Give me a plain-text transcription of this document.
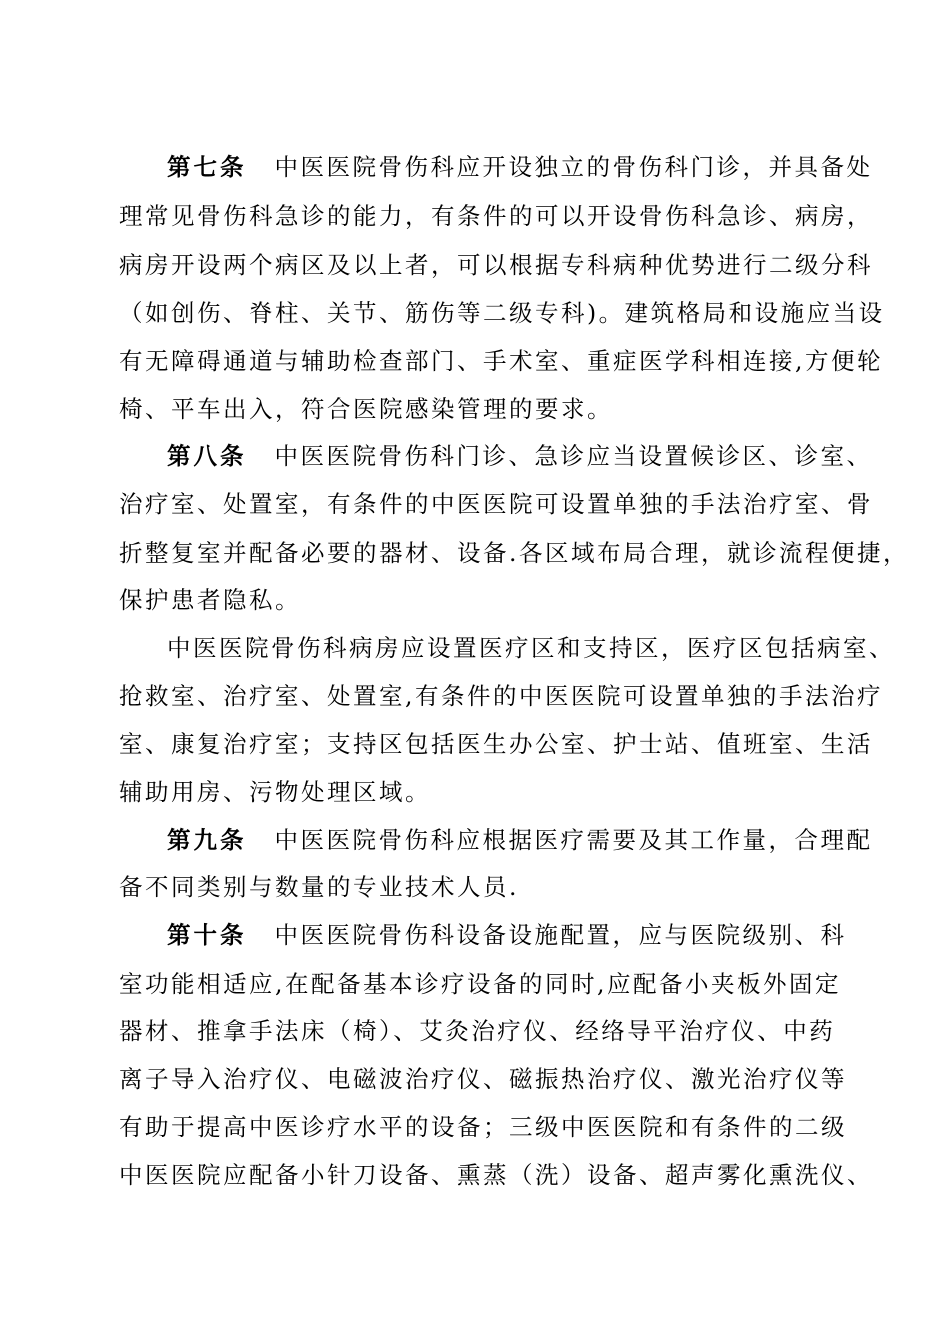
第七条 中医医院骨伤科应开设独立的骨伤科门诊，并具备处
理常见骨伤科急诊的能力，有条件的可以开设骨伤科急诊、病房，
病房开设两个病区及以上者，可以根据专科病种优势进行二级分科
（如创伤、脊柱、关节、筋伤等二级专科)。建筑格局和设施应当设
有无障碍通道与辅助检查部门、手术室、重症医学科相连接,方便轮
椅、平车出入，符合医院感染管理的要求。
第八条 中医医院骨伤科门诊、急诊应当设置候诊区、诊室、
治疗室、处置室，有条件的中医医院可设置单独的手法治疗室、骨
折整复室并配备必要的器材、设备.各区域布局合理，就诊流程便捷，
保护患者隐私。
中医医院骨伤科病房应设置医疗区和支持区，医疗区包括病室、
抢救室、治疗室、处置室,有条件的中医医院可设置单独的手法治疗
室、康复治疗室；支持区包括医生办公室、护士站、值班室、生活
辅助用房、污物处理区域。
第九条 中医医院骨伤科应根据医疗需要及其工作量，合理配
备不同类别与数量的专业技术人员.
第十条 中医医院骨伤科设备设施配置，应与医院级别、科
室功能相适应,在配备基本诊疗设备的同时,应配备小夹板外固定
器材、推拿手法床（椅）、艾灸治疗仪、经络导平治疗仪、中药
离子导入治疗仪、电磁波治疗仪、磁振热治疗仪、激光治疗仪等
有助于提高中医诊疗水平的设备；三级中医医院和有条件的二级
中医医院应配备小针刀设备、熏蒸（洗）设备、超声雾化熏洗仪、
